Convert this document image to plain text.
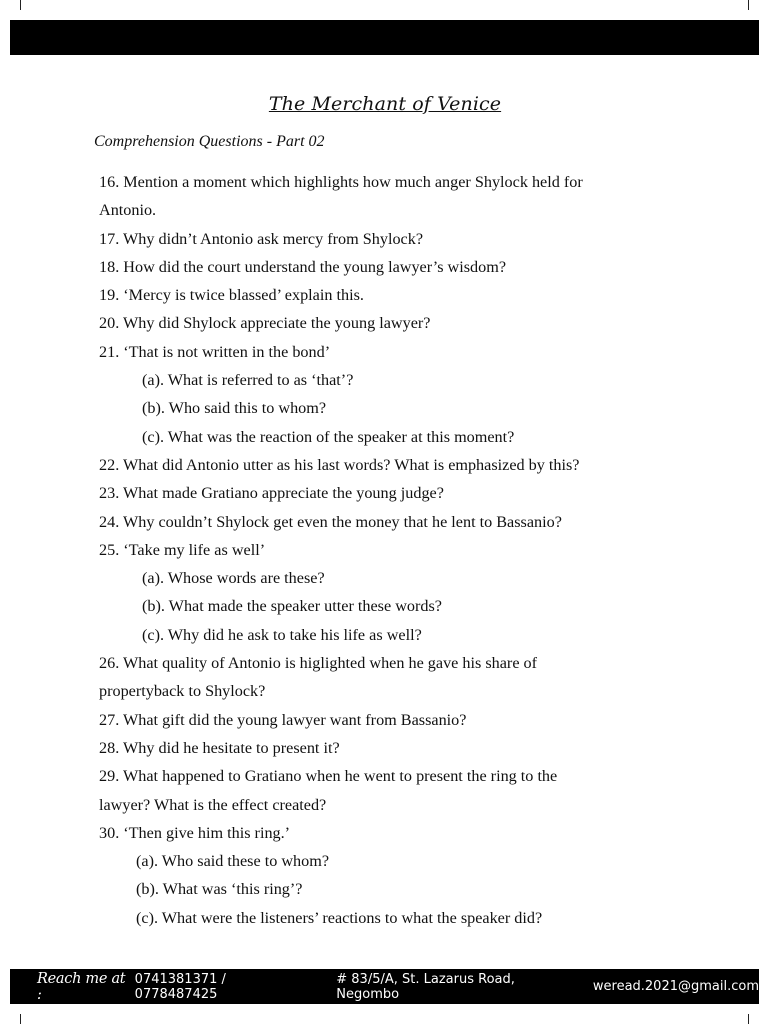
The Merchant of Venice
Comprehension Questions - Part 02
16. Mention a moment which highlights how much anger Shylock held for
Antonio.
17. Why didn’t Antonio ask mercy from Shylock?
18. How did the court understand the young lawyer’s wisdom?
19. ‘Mercy is twice blassed’ explain this.
20. Why did Shylock appreciate the young lawyer?
21. ‘That is not written in the bond’
(a). What is referred to as ‘that’?
(b). Who said this to whom?
(c). What was the reaction of the speaker at this moment?
22. What did Antonio utter as his last words? What is emphasized by this?
23. What made Gratiano appreciate the young judge?
24. Why couldn’t Shylock get even the money that he lent to Bassanio?
25. ‘Take my life as well’
(a). Whose words are these?
(b). What made the speaker utter these words?
(c). Why did he ask to take his life as well?
26. What quality of Antonio is higlighted when he gave his share of
propertyback to Shylock?
27. What gift did the young lawyer want from Bassanio?
28. Why did he hesitate to present it?
29. What happened to Gratiano when he went to present the ring to the
lawyer? What is the effect created?
30. ‘Then give him this ring.’
(a). Who said these to whom?
(b). What was ‘this ring’?
(c). What were the listeners’ reactions to what the speaker did?
Reach me at :
0741381371 / 0778487425
# 83/5/A, St. Lazarus Road, Negombo	weread.2021@gmail.com
